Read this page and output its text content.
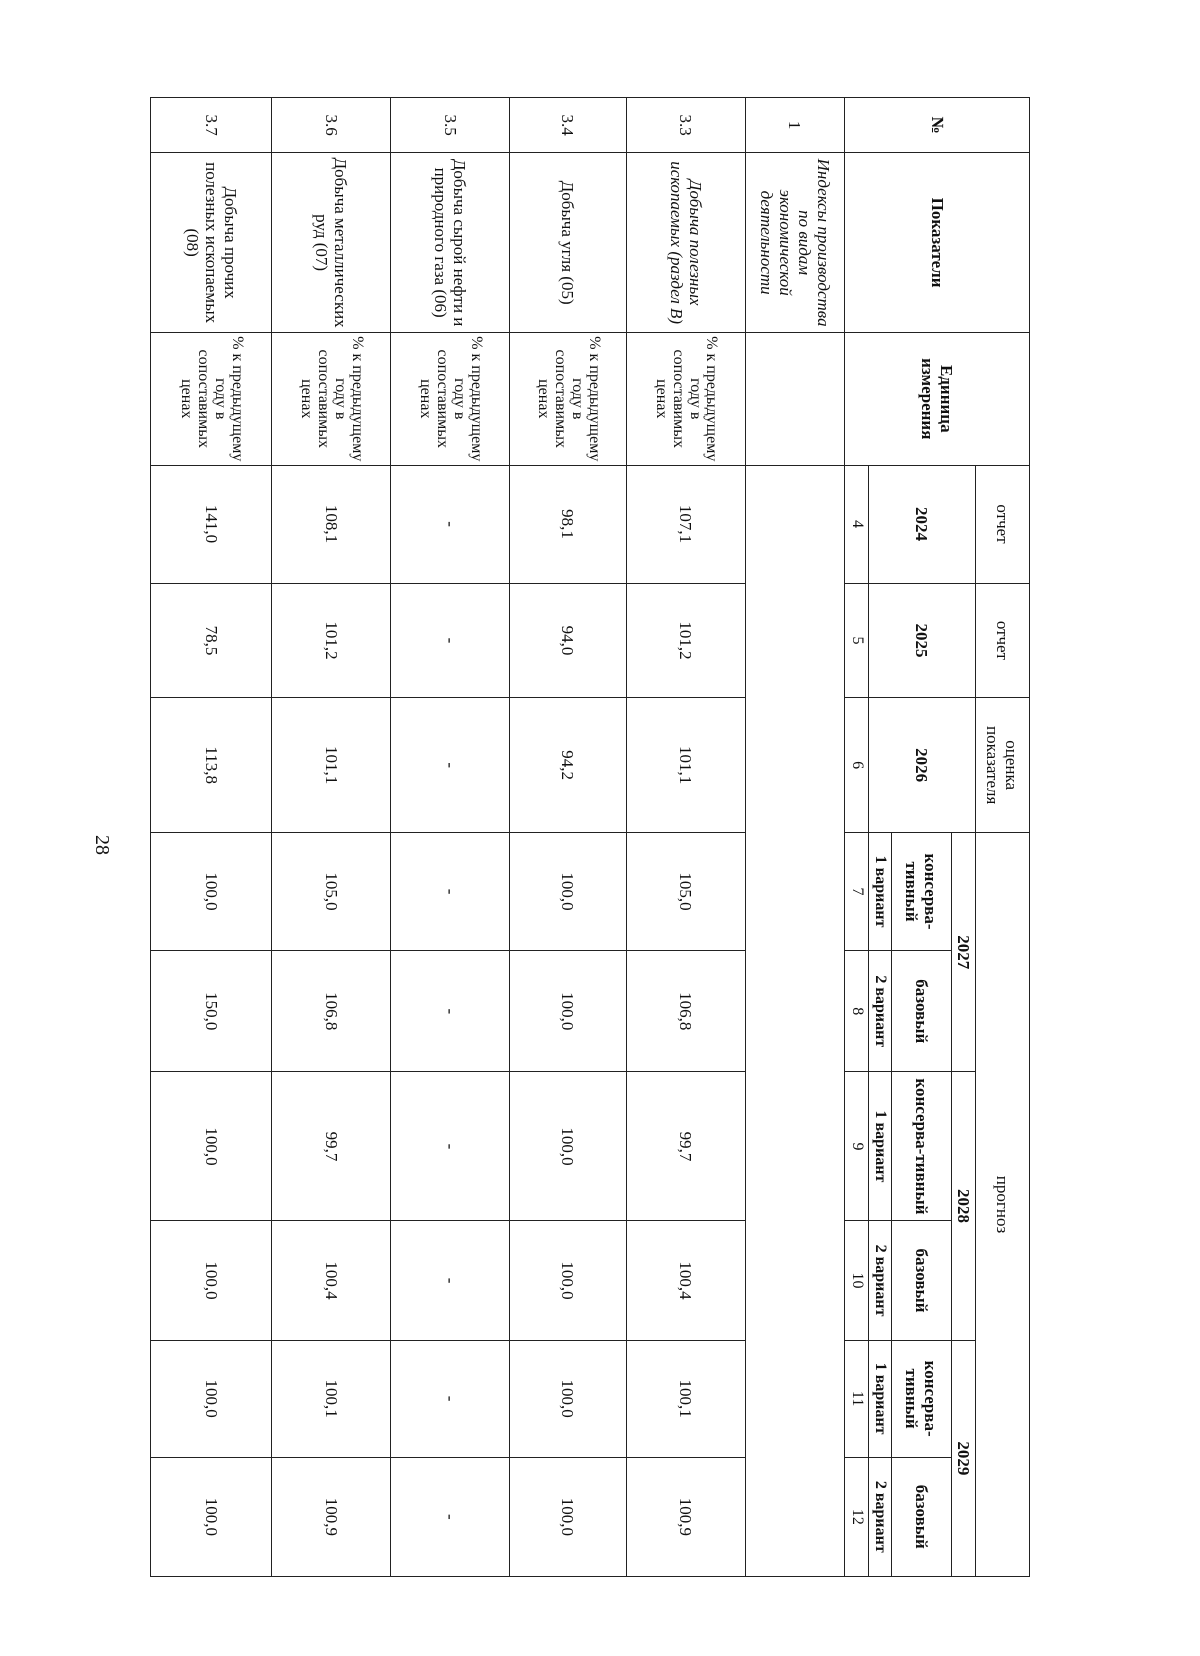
28
№	Показатели	Единица измерения	отчет	отчет	оценка показателя	прогноз					
			2024	2025	2026	2027		2028		2029	
						консерва-тивный	базовый	консерва-тивный	базовый	консерва-тивный	базовый
						1 вариант	2 вариант	1 вариант	2 вариант	1 вариант	2 вариант
			4	5	6	7	8	9	10	11	12
1	Индексы производства по видам экономической деятельности										
3.3	Добыча полезных ископаемых (раздел В)	% к предыдущему году в сопоставимых ценах	107,1	101,2	101,1	105,0	106,8	99,7	100,4	100,1	100,9
3.4	Добыча угля (05)	% к предыдущему году в сопоставимых ценах	98,1	94,0	94,2	100,0	100,0	100,0	100,0	100,0	100,0
3.5	Добыча сырой нефти и природного газа (06)	% к предыдущему году в сопоставимых ценах	-	-	-	-	-	-	-	-	-
3.6	Добыча металлических руд (07)	% к предыдущему году в сопоставимых ценах	108,1	101,2	101,1	105,0	106,8	99,7	100,4	100,1	100,9
3.7	Добыча прочих полезных ископаемых (08)	% к предыдущему году в сопоставимых ценах	141,0	78,5	113,8	100,0	150,0	100,0	100,0	100,0	100,0
